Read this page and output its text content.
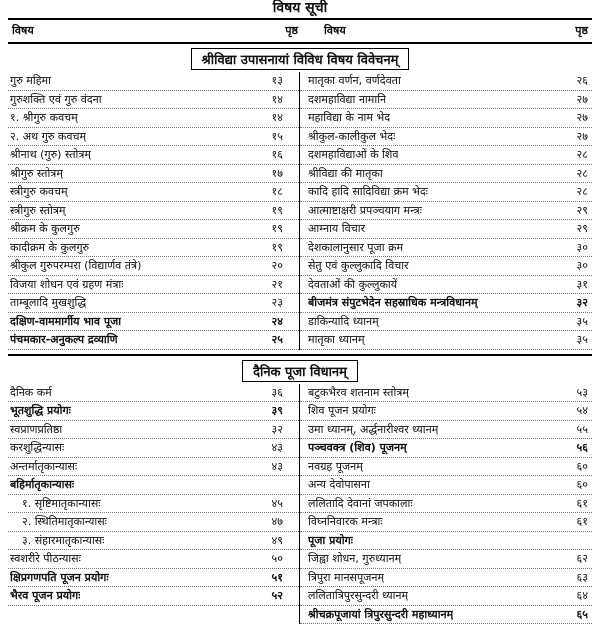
विषय सूची
विषय	पृष्ठ	विषय	पृष्ठ
श्रीविद्या उपासनायां विविध विषय विवेचनम्
गुरु महिमा	१३
गुरुशक्ति एवं गुरु वंदना	१४
१. श्रीगुरु कवचम्	१४
२. अथ गुरु कवचम्	१५
श्रीनाथ (गुरु) स्तोत्रम्	१६
श्रीगुरु स्तोत्रम्	१७
स्त्रीगुरु कवचम्	१८
स्त्रीगुरु स्तोत्रम्	१९
श्रीक्रम के कुलगुरु	१९
कादीक्रम के कुलगुरु	१९
श्रीकुल गुरुपरम्परा (विद्यार्णव तंत्रे)	२०
विजया शोधन एवं ग्रहण मंत्राः	२१
ताम्बूलादि मुखशुद्धि	२३
दक्षिण-वाममार्गीय भाव पूजा	२४
पंचमकार-अनुकल्प द्रव्याणि	२५
मातृका वर्णन, वर्णदेवता	२६
दशमहाविद्या नामानि	२७
महाविद्या के नाम भेद	२७
श्रीकुल-कालीकुल भेदः	२७
दशमहाविद्याओं के शिव	२८
श्रीविद्या की मातृका	२८
कादि हादि सादिविद्या क्रम भेदः	२८
आत्माष्टाक्षरी प्रपञ्चयाग मन्त्रः	२९
आम्नाय विचार	२९
देशकालानुसार पूजा क्रम	३०
सेतु एवं कुल्लुकादि विचार	३०
देवताओं की कुल्लुकायें	३१
बीजमंत्र संपुटभेदेन सहस्राधिक मन्त्रविधानम्	३२
डाकिन्यादि ध्यानम्	३५
मातृका ध्यानम्	३५
दैनिक पूजा विधानम्
दैनिक कर्म	३६
भूतशुद्धि प्रयोगः	३९
स्वप्राणप्रतिष्ठा	३२
करशुद्धिन्यासः	४३
अन्तर्मातृकान्यासः	४३
बहिर्मातृकान्यासः
१. सृष्टिमातृकान्यासः	४५
२. स्थितिमातृकान्यासः	४७
३. संहारमातृकान्यासः	४९
स्वशरीरे पीठन्यासः	५०
क्षिप्रगणपति पूजन प्रयोगः	५१
भैरव पूजन प्रयोगः	५२
बटुकभैरव शतनाम स्तोत्रम्	५३
शिव पूजन प्रयोगः	५४
उमा ध्यानम्, अर्द्धनारीश्वर ध्यानम्	५५
पञ्चवक्त्र (शिव) पूजनम्	५६
नवग्रह पूजनम्	६०
अन्य देवोपासना	६०
ललितादि देवानां जपकालाः	६१
विघ्ननिवारक मन्त्राः	६१
पूजा प्रयोगः
जिह्वा शोधन, गुरुध्यानम्	६२
त्रिपुरा मानसपूजनम्	६३
ललितात्रिपुरसुन्दरी ध्यानम्	६४
श्रीचक्रपूजायां त्रिपुरसुन्दरी महाध्यानम्	६५
